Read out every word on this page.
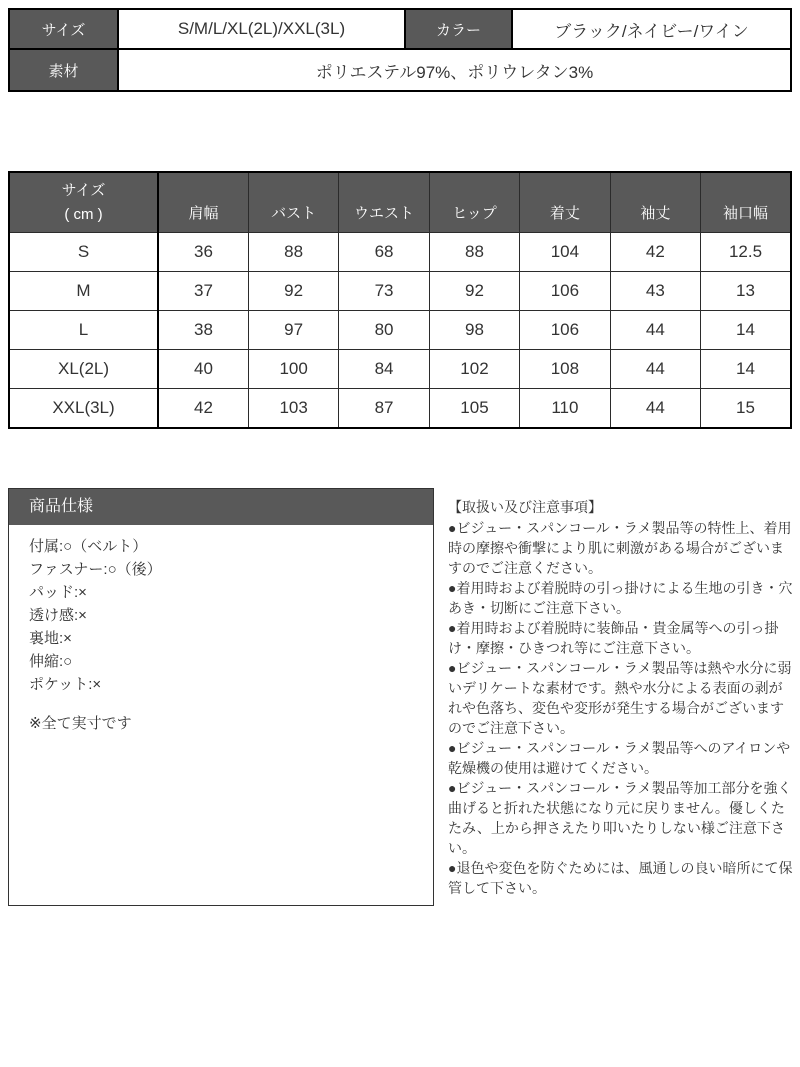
サイズ	S/M/L/XL(2L)/XXL(3L)	カラー	ブラック/ネイビー/ワイン
素材	ポリエステル97%、ポリウレタン3%		
サイズ
( cm )	肩幅	バスト	ウエスト	ヒップ	着丈	袖丈	袖口幅
S	36	88	68	88	104	42	12.5
M	37	92	73	92	106	43	13
L	38	97	80	98	106	44	14
XL(2L)	40	100	84	102	108	44	14
XXL(3L)	42	103	87	105	110	44	15
商品仕様
付属:○（ベルト）
ファスナー:○（後）
パッド:×
透け感:×
裏地:×
伸縮:○
ポケット:×
※全て実寸です

【取扱い及び注意事項】

●ビジュー・スパンコール・ラメ製品等の特性上、着用時の摩擦や衝撃により肌に刺激がある場合がございますのでご注意ください。

●着用時および着脱時の引っ掛けによる生地の引き・穴あき・切断にご注意下さい。

●着用時および着脱時に装飾品・貴金属等への引っ掛け・摩擦・ひきつれ等にご注意下さい。

●ビジュー・スパンコール・ラメ製品等は熱や水分に弱いデリケートな素材です。熱や水分による表面の剥がれや色落ち、変色や変形が発生する場合がございますのでご注意下さい。

●ビジュー・スパンコール・ラメ製品等へのアイロンや乾燥機の使用は避けてください。

●ビジュー・スパンコール・ラメ製品等加工部分を強く曲げると折れた状態になり元に戻りません。優しくたたみ、上から押さえたり叩いたりしない様ご注意下さい。

●退色や変色を防ぐためには、風通しの良い暗所にて保管して下さい。
